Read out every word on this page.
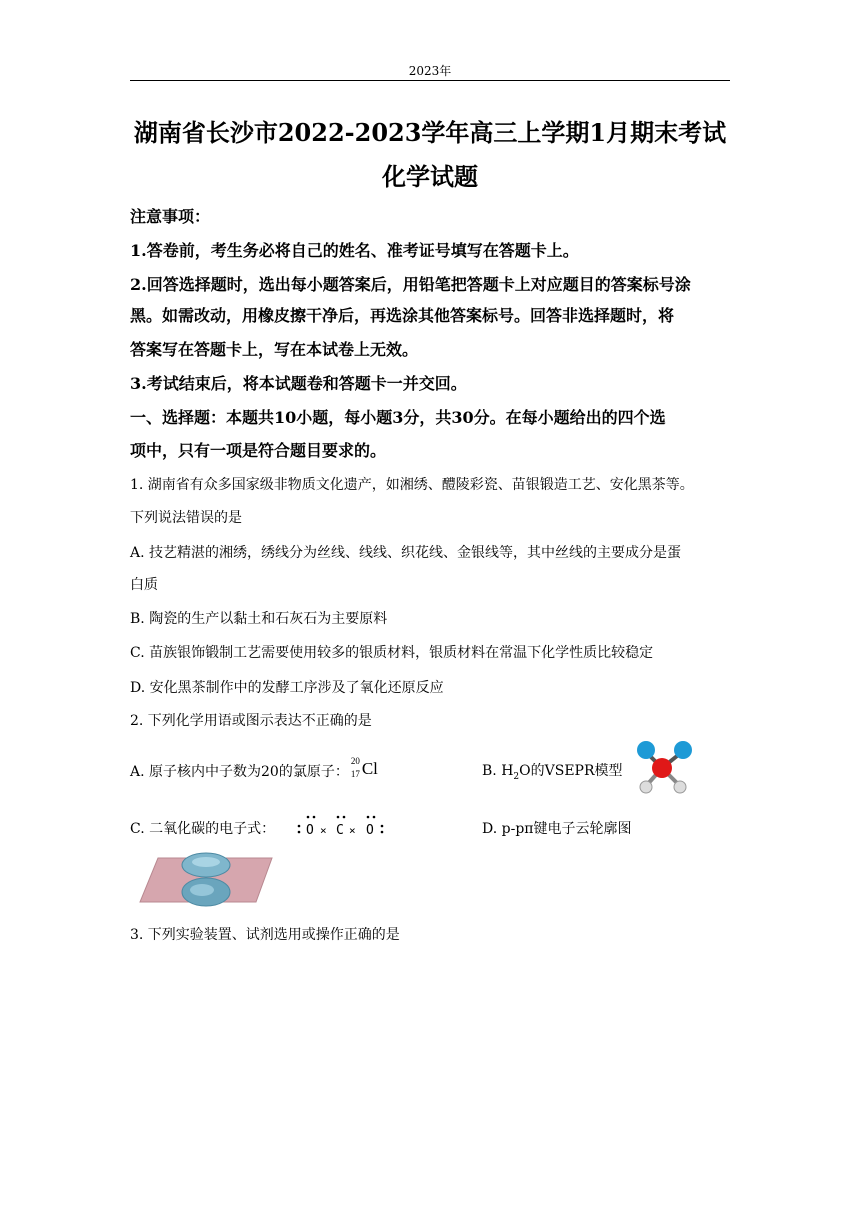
2023年
湖南省长沙市2022-2023学年高三上学期1月期末考试
化学试题
注意事项：
1.答卷前，考生务必将自己的姓名、准考证号填写在答题卡上。
2.回答选择题时，选出每小题答案后，用铅笔把答题卡上对应题目的答案标号涂
黑。如需改动，用橡皮擦干净后，再选涂其他答案标号。回答非选择题时，将
答案写在答题卡上，写在本试卷上无效。
3.考试结束后，将本试题卷和答题卡一并交回。
一、选择题：本题共10小题，每小题3分，共30分。在每小题给出的四个选
项中，只有一项是符合题目要求的。
1. 湖南省有众多国家级非物质文化遗产，如湘绣、醴陵彩瓷、苗银锻造工艺、安化黑茶等。
下列说法错误的是
A. 技艺精湛的湘绣，绣线分为丝线、线线、织花线、金银线等，其中丝线的主要成分是蛋
白质
B. 陶瓷的生产以黏土和石灰石为主要原料
C. 苗族银饰锻制工艺需要使用较多的银质材料，银质材料在常温下化学性质比较稳定
D. 安化黑茶制作中的发酵工序涉及了氧化还原反应
2. 下列化学用语或图示表达不正确的是
A. 原子核内中子数为20的氯原子：
20
17 Cl	B. $H_2O$的VSEPR模型
C. 二氧化碳的电子式： O × C × O	D. p-pπ键电子云轮廓图
3. 下列实验装置、试剂选用或操作正确的是
